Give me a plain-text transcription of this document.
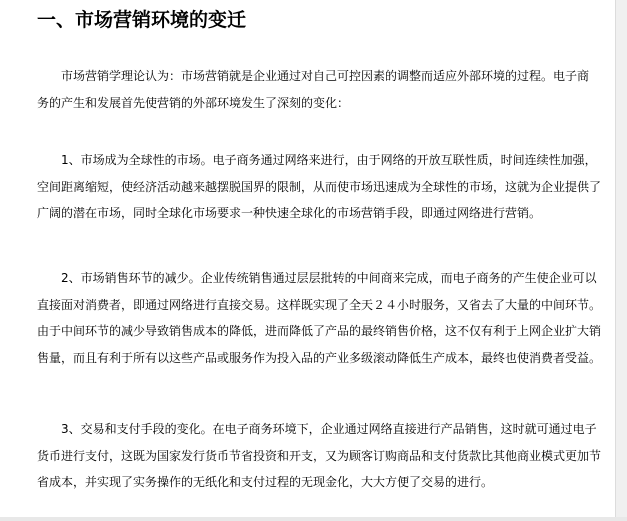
一、市场营销环境的变迁

市场营销学理论认为：市场营销就是企业通过对自己可控因素的调整而适应外部环境的过程。电子商
务的产生和发展首先使营销的外部环境发生了深刻的变化：

1、市场成为全球性的市场。电子商务通过网络来进行，由于网络的开放互联性质，时间连续性加强，
空间距离缩短，使经济活动越来越摆脱国界的限制，从而使市场迅速成为全球性的市场，这就为企业提供了
广阔的潜在市场，同时全球化市场要求一种快速全球化的市场营销手段，即通过网络进行营销。

2、市场销售环节的减少。企业传统销售通过层层批转的中间商来完成，而电子商务的产生使企业可以
直接面对消费者，即通过网络进行直接交易。这样既实现了全天２４小时服务，又省去了大量的中间环节。
由于中间环节的减少导致销售成本的降低，进而降低了产品的最终销售价格，这不仅有利于上网企业扩大销
售量，而且有利于所有以这些产品或服务作为投入品的产业多级滚动降低生产成本，最终也使消费者受益。

3、交易和支付手段的变化。在电子商务环境下，企业通过网络直接进行产品销售，这时就可通过电子
货币进行支付，这既为国家发行货币节省投资和开支，又为顾客订购商品和支付货款比其他商业模式更加节
省成本，并实现了实务操作的无纸化和支付过程的无现金化，大大方便了交易的进行。
